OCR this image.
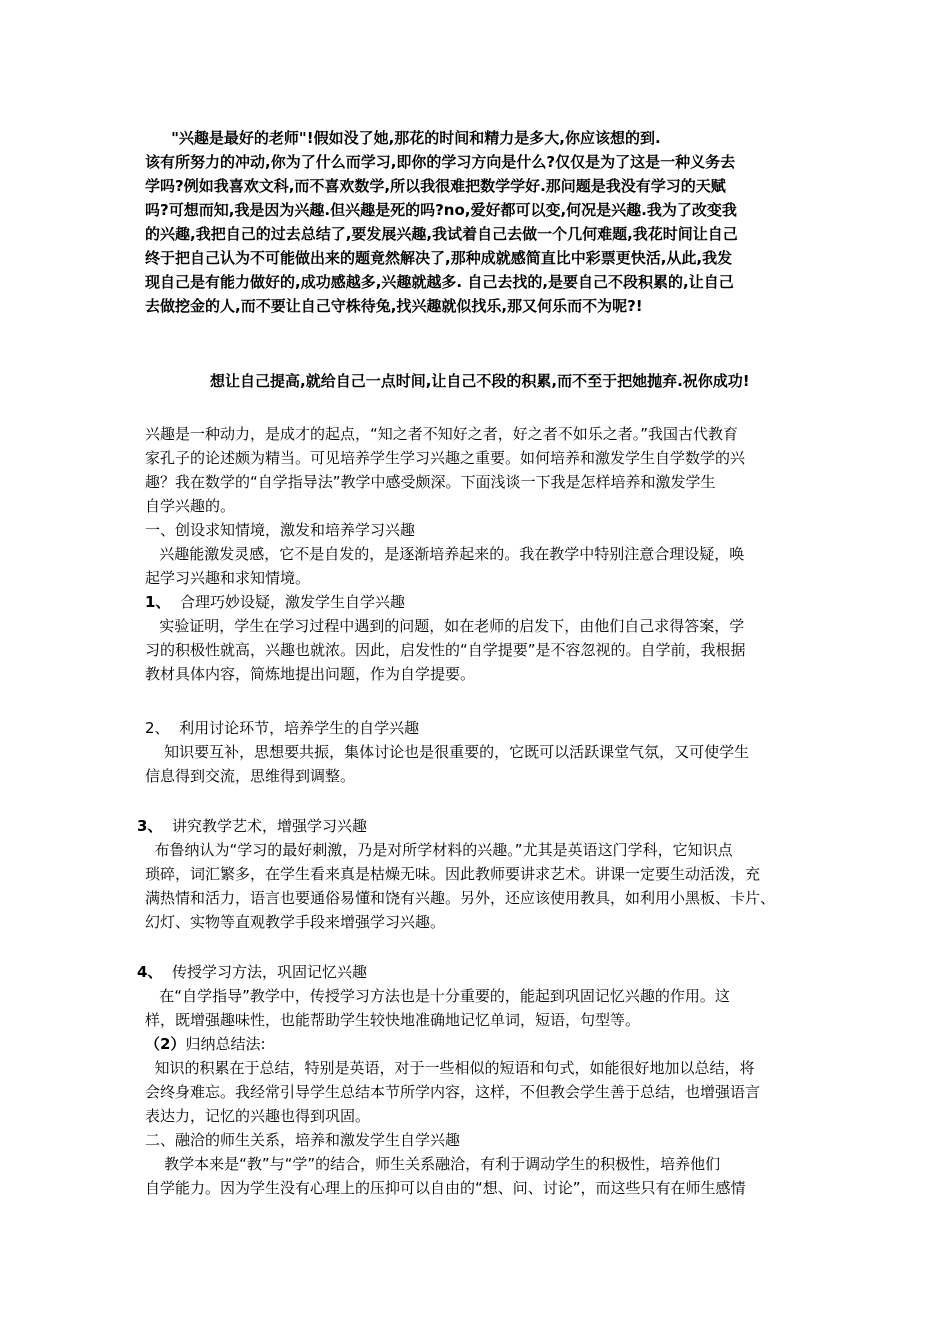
"兴趣是最好的老师"!假如没了她,那花的时间和精力是多大,你应该想的到.
该有所努力的冲动,你为了什么而学习,即你的学习方向是什么?仅仅是为了这是一种义务去
学吗?例如我喜欢文科,而不喜欢数学,所以我很难把数学学好.那问题是我没有学习的天赋
吗?可想而知,我是因为兴趣.但兴趣是死的吗?no,爱好都可以变,何况是兴趣.我为了改变我
的兴趣,我把自己的过去总结了,要发展兴趣,我试着自己去做一个几何难题,我花时间让自己
终于把自己认为不可能做出来的题竟然解决了,那种成就感简直比中彩票更快活,从此,我发
现自己是有能力做好的,成功感越多,兴趣就越多. 自己去找的,是要自己不段积累的,让自己
去做挖金的人,而不要让自己守株待兔,找兴趣就似找乐,那又何乐而不为呢?!
想让自己提高,就给自己一点时间,让自己不段的积累,而不至于把她抛弃.祝你成功!
兴趣是一种动力，是成才的起点，“知之者不知好之者，好之者不如乐之者。”我国古代教育
家孔子的论述颇为精当。可见培养学生学习兴趣之重要。如何培养和激发学生自学数学的兴
趣？我在数学的“自学指导法”教学中感受颇深。下面浅谈一下我是怎样培养和激发学生
自学兴趣的。
一、创设求知情境，激发和培养学习兴趣
兴趣能激发灵感，它不是自发的，是逐渐培养起来的。我在教学中特别注意合理设疑，唤
起学习兴趣和求知情境。
1、 合理巧妙设疑，激发学生自学兴趣
实验证明，学生在学习过程中遇到的问题，如在老师的启发下，由他们自己求得答案，学
习的积极性就高，兴趣也就浓。因此，启发性的“自学提要”是不容忽视的。自学前，我根据
教材具体内容，简炼地提出问题，作为自学提要。
2、 利用讨论环节，培养学生的自学兴趣
知识要互补，思想要共振，集体讨论也是很重要的，它既可以活跃课堂气氛，又可使学生
信息得到交流，思维得到调整。
3、 讲究教学艺术，增强学习兴趣
布鲁纳认为“学习的最好刺激，乃是对所学材料的兴趣。”尤其是英语这门学科，它知识点
琐碎，词汇繁多，在学生看来真是枯燥无味。因此教师要讲求艺术。讲课一定要生动活泼，充
满热情和活力，语言也要通俗易懂和饶有兴趣。另外，还应该使用教具，如利用小黑板、卡片、
幻灯、实物等直观教学手段来增强学习兴趣。
4、 传授学习方法，巩固记忆兴趣
在“自学指导”教学中，传授学习方法也是十分重要的，能起到巩固记忆兴趣的作用。这
样，既增强趣味性，也能帮助学生较快地准确地记忆单词，短语，句型等。
（2）归纳总结法:
知识的积累在于总结，特别是英语，对于一些相似的短语和句式，如能很好地加以总结，将
会终身难忘。我经常引导学生总结本节所学内容，这样，不但教会学生善于总结，也增强语言
表达力，记忆的兴趣也得到巩固。
二、融洽的师生关系，培养和激发学生自学兴趣
教学本来是“教”与“学”的结合，师生关系融洽，有利于调动学生的积极性，培养他们
自学能力。因为学生没有心理上的压抑可以自由的“想、问、讨论”，而这些只有在师生感情
